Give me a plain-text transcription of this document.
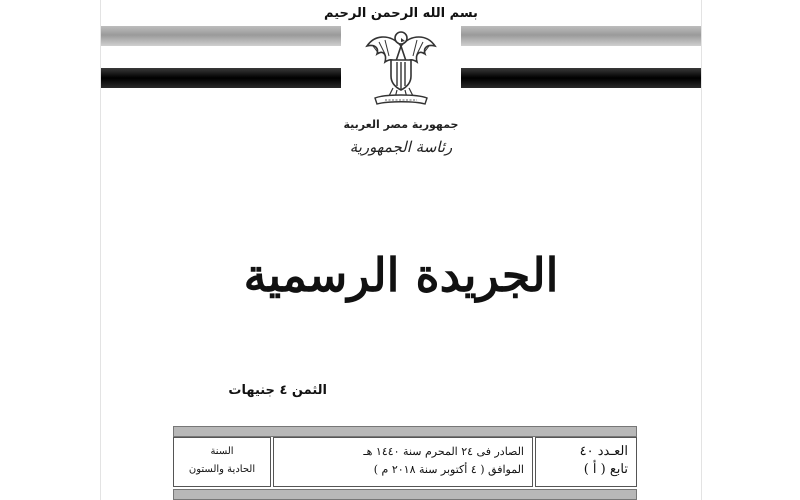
بسم الله الرحمن الرحيم
جمهورية مصر العربية
رئاسة الجمهورية
الجريدة الرسمية
الثمن ٤ جنيهات
السنة
الحادية والستون
الصادر فى ٢٤ المحرم سنة ١٤٤٠ هـ
الموافق ( ٤ أكتوبر سنة ٢٠١٨ م )
العـدد ٤٠
تابع ( أ )
